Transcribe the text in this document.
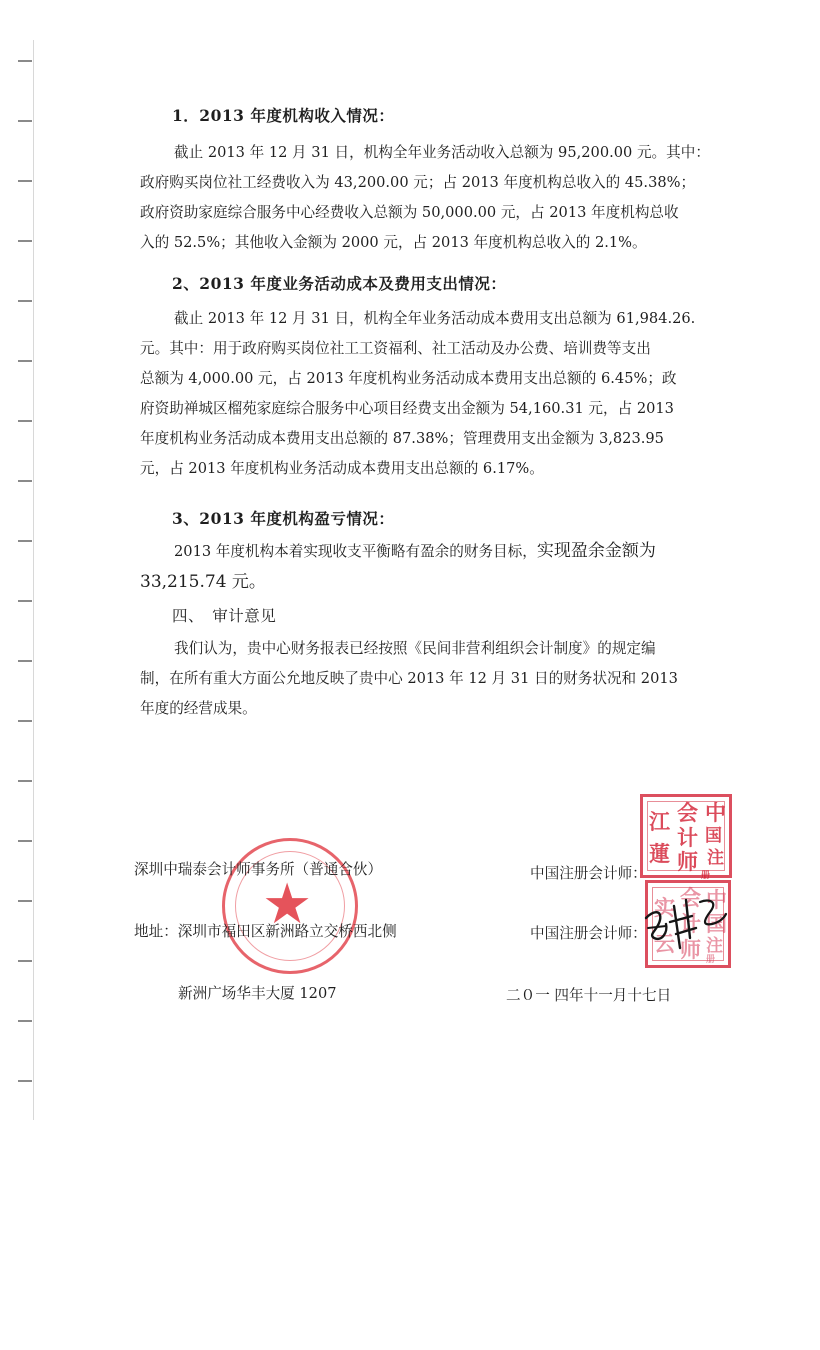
1．2013 年度机构收入情况：
截止 2013 年 12 月 31 日，机构全年业务活动收入总额为 95,200.00 元。其中：
政府购买岗位社工经费收入为 43,200.00 元；占 2013 年度机构总收入的 45.38%；
政府资助家庭综合服务中心经费收入总额为 50,000.00 元，占 2013 年度机构总收
入的 52.5%；其他收入金额为 2000 元，占 2013 年度机构总收入的 2.1%。
2、2013 年度业务活动成本及费用支出情况：
截止 2013 年 12 月 31 日，机构全年业务活动成本费用支出总额为 61,984.26.
元。其中：用于政府购买岗位社工工资福利、社工活动及办公费、培训费等支出
总额为 4,000.00 元，占 2013 年度机构业务活动成本费用支出总额的 6.45%；政
府资助禅城区榴苑家庭综合服务中心项目经费支出金额为 54,160.31 元，占 2013
年度机构业务活动成本费用支出总额的 87.38%；管理费用支出金额为 3,823.95
元，占 2013 年度机构业务活动成本费用支出总额的 6.17%。
3、2013 年度机构盈亏情况：
2013 年度机构本着实现收支平衡略有盈余的财务目标，实现盈余金额为
33,215.74 元。
四、　审计意见
我们认为，贵中心财务报表已经按照《民间非营利组织会计制度》的规定编
制，在所有重大方面公允地反映了贵中心 2013 年 12 月 31 日的财务状况和 2013
年度的经营成果。
★
深圳中瑞泰会计师事务所（普通合伙）
地址：深圳市福田区新洲路立交桥西北侧
新洲广场华丰大厦 1207
中国注册会计师：
中国注册会计师：
二０一 四年十一月十七日
中
会
江
国
计
注
师
蓮
册
中
会
实
国
计
注
师 册
云
